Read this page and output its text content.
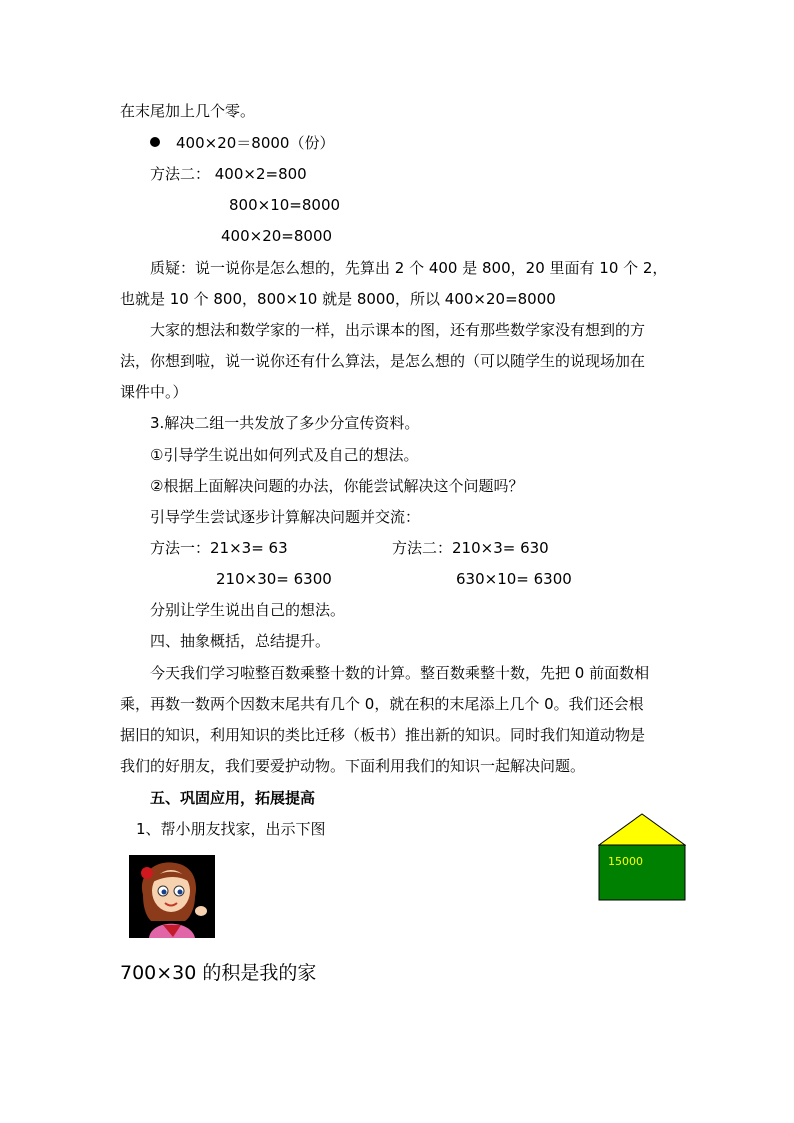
在末尾加上几个零。
400×20＝8000（份）
方法二： 400×2=800
800×10=8000
400×20=8000
质疑：说一说你是怎么想的，先算出 2 个 400 是 800，20 里面有 10 个 2，
也就是 10 个 800，800×10 就是 8000，所以 400×20=8000
大家的想法和数学家的一样，出示课本的图，还有那些数学家没有想到的方
法，你想到啦，说一说你还有什么算法，是怎么想的（可以随学生的说现场加在
课件中。）
3.解决二组一共发放了多少分宣传资料。
①引导学生说出如何列式及自己的想法。
②根据上面解决问题的办法，你能尝试解决这个问题吗？
引导学生尝试逐步计算解决问题并交流：
方法一：21×3= 63	方法二：210×3= 630
210×30= 6300	630×10= 6300
分别让学生说出自己的想法。
四、抽象概括，总结提升。
今天我们学习啦整百数乘整十数的计算。整百数乘整十数，先把 0 前面数相
乘，再数一数两个因数末尾共有几个 0，就在积的末尾添上几个 0。我们还会根
据旧的知识，利用知识的类比迁移（板书）推出新的知识。同时我们知道动物是
我们的好朋友，我们要爱护动物。下面利用我们的知识一起解决问题。
五、巩固应用，拓展提高
1、帮小朋友找家，出示下图
15000
700×30 的积是我的家
